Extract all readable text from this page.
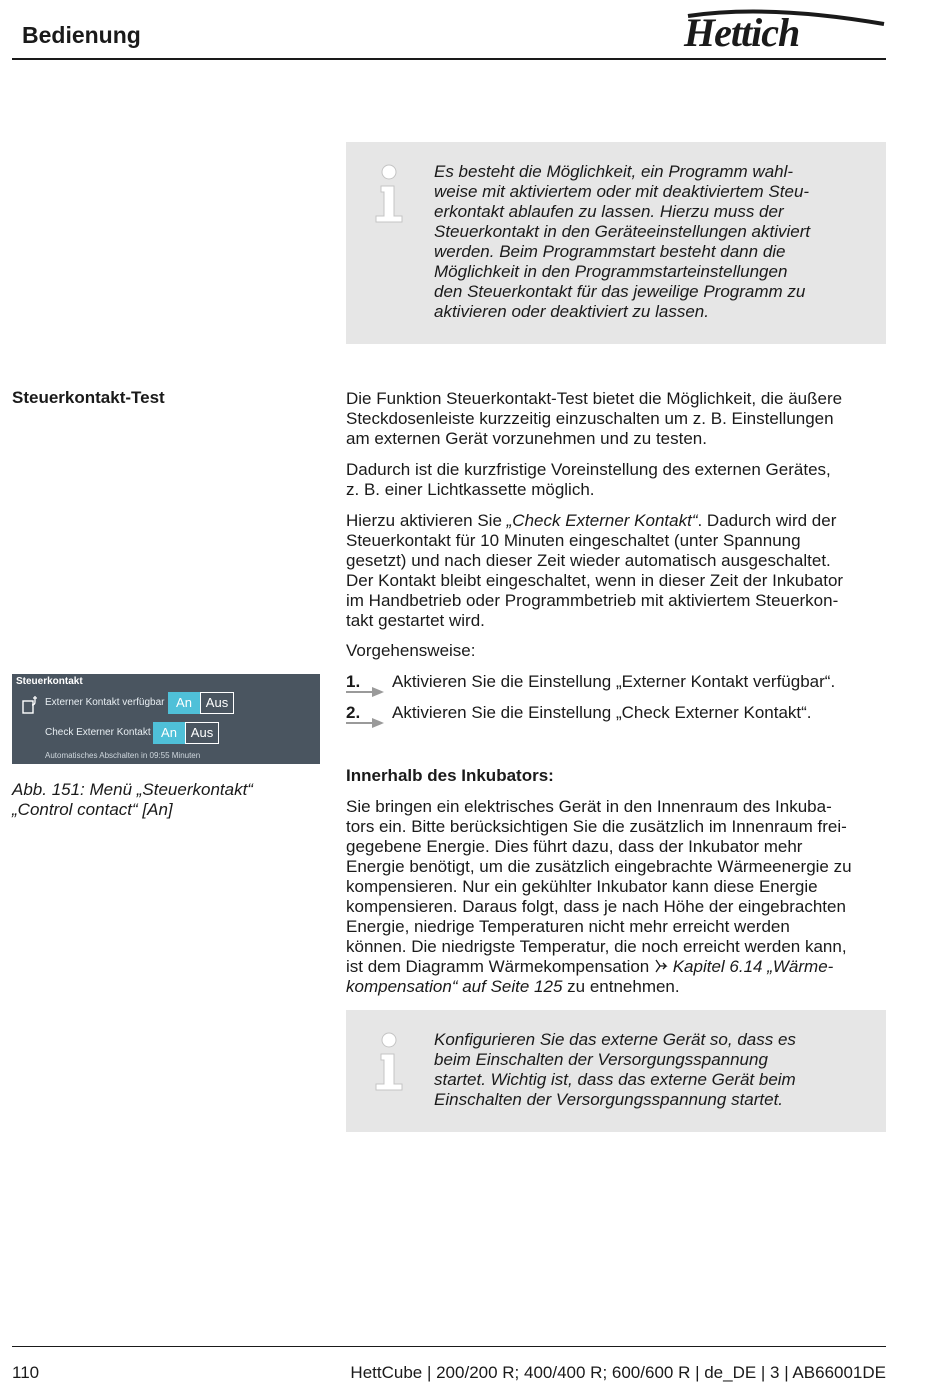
Bedienung	Hettich
Es besteht die Möglichkeit, ein Programm wahl-
weise mit aktiviertem oder mit deaktiviertem Steu-
erkontakt ablaufen zu lassen. Hierzu muss der
Steuerkontakt in den Geräteeinstellungen aktiviert
werden. Beim Programmstart besteht dann die
Möglichkeit in den Programmstarteinstellungen
den Steuerkontakt für das jeweilige Programm zu
aktivieren oder deaktiviert zu lassen.
Steuerkontakt-Test	Die Funktion Steuerkontakt-Test bietet die Möglichkeit, die äußere
Steckdosenleiste kurzzeitig einzuschalten um z. B. Einstellungen
am externen Gerät vorzunehmen und zu testen.
Dadurch ist die kurzfristige Voreinstellung des externen Gerätes,
z. B. einer Lichtkassette möglich.
Hierzu aktivieren Sie „Check Externer Kontakt“. Dadurch wird der
Steuerkontakt für 10 Minuten eingeschaltet (unter Spannung
gesetzt) und nach dieser Zeit wieder automatisch ausgeschaltet.
Der Kontakt bleibt eingeschaltet, wenn in dieser Zeit der Inkubator
im Handbetrieb oder Programmbetrieb mit aktiviertem Steuerkon-
takt gestartet wird.
Vorgehensweise:
1. Aktivieren Sie die Einstellung „Externer Kontakt verfügbar“.
2. Aktivieren Sie die Einstellung „Check Externer Kontakt“.
Innerhalb des Inkubators:
Sie bringen ein elektrisches Gerät in den Innenraum des Inkuba-
tors ein. Bitte berücksichtigen Sie die zusätzlich im Innenraum frei-
gegebene Energie. Dies führt dazu, dass der Inkubator mehr
Energie benötigt, um die zusätzlich eingebrachte Wärmeenergie zu
kompensieren. Nur ein gekühlter Inkubator kann diese Energie
kompensieren. Daraus folgt, dass je nach Höhe der eingebrachten
Energie, niedrige Temperaturen nicht mehr erreicht werden
können. Die niedrigste Temperatur, die noch erreicht werden kann,
ist dem Diagramm Wärmekompensation  Kapitel 6.14 „Wärme-
kompensation“ auf Seite 125 zu entnehmen.
Steuerkontakt
Externer Kontakt verfügbar An	Aus
Check Externer Kontakt An	Aus
Automatisches Abschalten in 09:55 Minuten
Abb. 151: Menü „Steuerkontakt“
„Control contact“ [An]
Konfigurieren Sie das externe Gerät so, dass es
beim Einschalten der Versorgungsspannung
startet. Wichtig ist, dass das externe Gerät beim
Einschalten der Versorgungsspannung startet.
110	HettCube | 200/200 R; 400/400 R; 600/600 R | de_DE | 3 | AB66001DE
